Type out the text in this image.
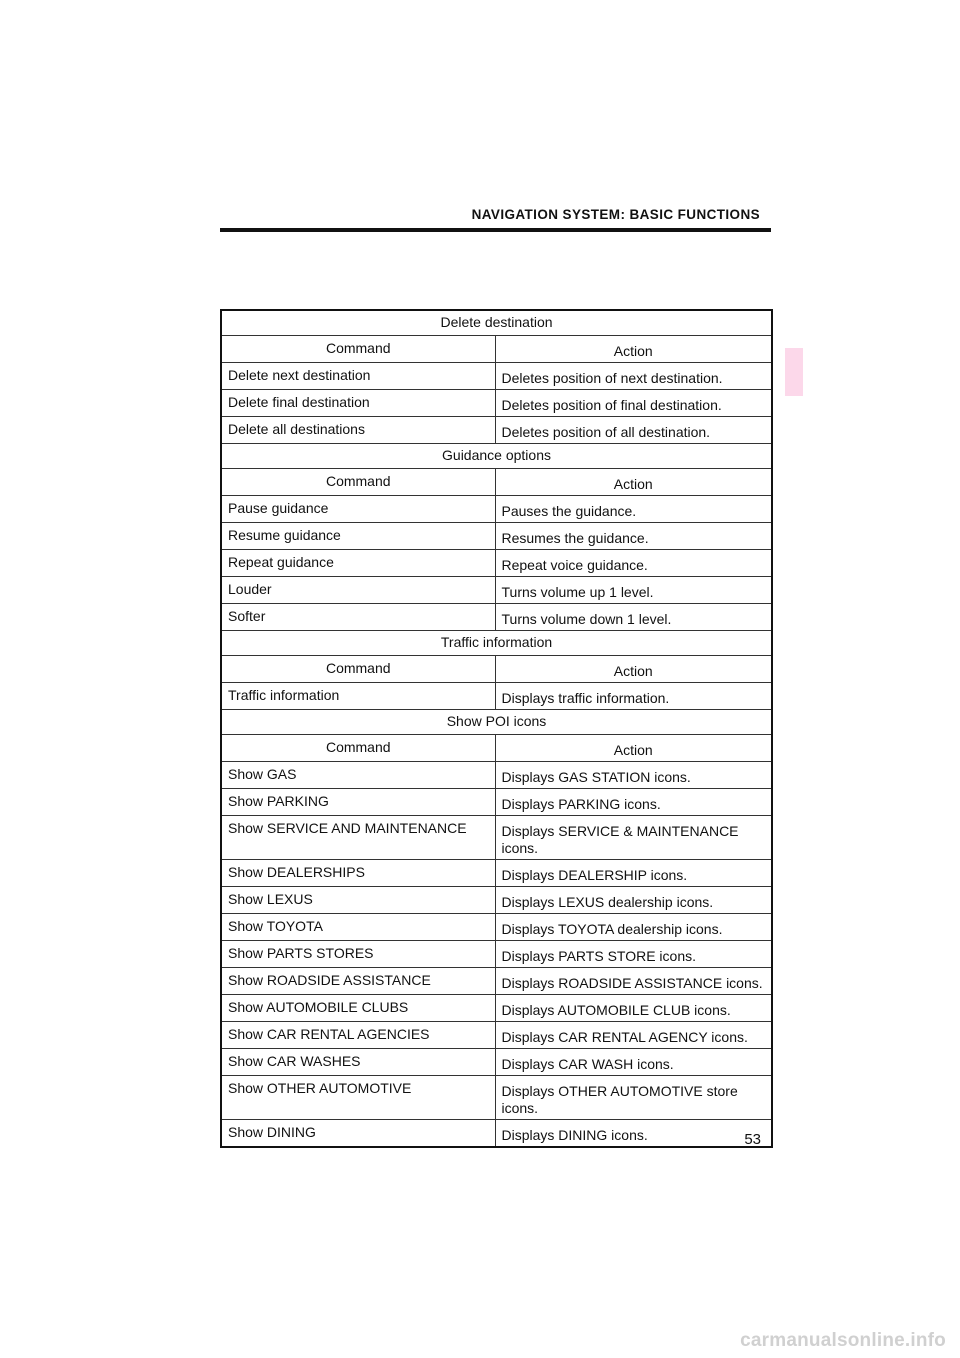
NAVIGATION SYSTEM: BASIC FUNCTIONS
Delete destination	
Command	Action
Delete next destination	Deletes position of next destination.
Delete final destination	Deletes position of final destination.
Delete all destinations	Deletes position of all destination.
Guidance options	
Command	Action
Pause guidance	Pauses the guidance.
Resume guidance	Resumes the guidance.
Repeat guidance	Repeat voice guidance.
Louder	Turns volume up 1 level.
Softer	Turns volume down 1 level.
Traffic information	
Command	Action
Traffic information	Displays traffic information.
Show POI icons	
Command	Action
Show GAS	Displays GAS STATION icons.
Show PARKING	Displays PARKING icons.
Show SERVICE AND MAINTENANCE	Displays SERVICE & MAINTENANCE icons.
Show DEALERSHIPS	Displays DEALERSHIP icons.
Show LEXUS	Displays LEXUS dealership icons.
Show TOYOTA	Displays TOYOTA dealership icons.
Show PARTS STORES	Displays PARTS STORE icons.
Show ROADSIDE ASSISTANCE	Displays ROADSIDE ASSISTANCE icons.
Show AUTOMOBILE CLUBS	Displays AUTOMOBILE CLUB icons.
Show CAR RENTAL AGENCIES	Displays CAR RENTAL AGENCY icons.
Show CAR WASHES	Displays CAR WASH icons.
Show OTHER AUTOMOTIVE	Displays OTHER AUTOMOTIVE store icons.
Show DINING	Displays DINING icons.	53
carmanualsonline.info
